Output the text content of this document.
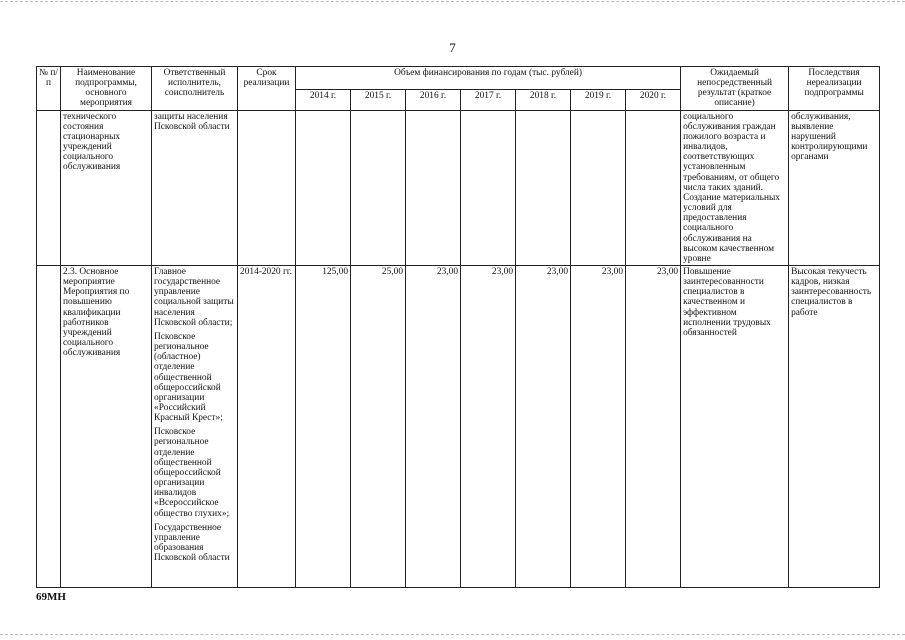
7
№ п/п	Наименование подпрограммы, основного мероприятия	Ответственный исполнитель, соисполнитель	Срок реализации	Объем финансирования по годам (тыс. рублей)							Ожидаемый непосредственный результат (краткое описание)	Последствия нереализации подпрограммы
				2014 г.	2015 г.	2016 г.	2017 г.	2018 г.	2019 г.	2020 г.		
	технического состояния стационарных учреждений социального обслуживания	защиты населения Псковской области									социального обслуживания граждан пожилого возраста и инвалидов, соответствующих установленным требованиям, от общего числа таких зданий. Создание материальных условий для предоставления социального обслуживания на высоком качественном уровне	обслуживания, выявление нарушений контролирующими органами
	2.3. Основное мероприятие Мероприятия по повышению квалификации работников учреждений социального обслуживания	Главное государственное управление социальной защиты населения Псковской области;
Псковское региональное (областное) отделение общественной общероссийской организации «Российский Красный Крест»;
Псковское региональное отделение общественной общероссийской организации инвалидов «Всероссийское общество глухих»;
Государственное управление образования Псковской области	2014-2020 гг.	125,00	25,00	23,00	23,00	23,00	23,00	23,00	Повышение заинтересованности специалистов в качественном и эффективном исполнении трудовых обязанностей	Высокая текучесть кадров, низкая заинтересованность специалистов в работе
69МН
